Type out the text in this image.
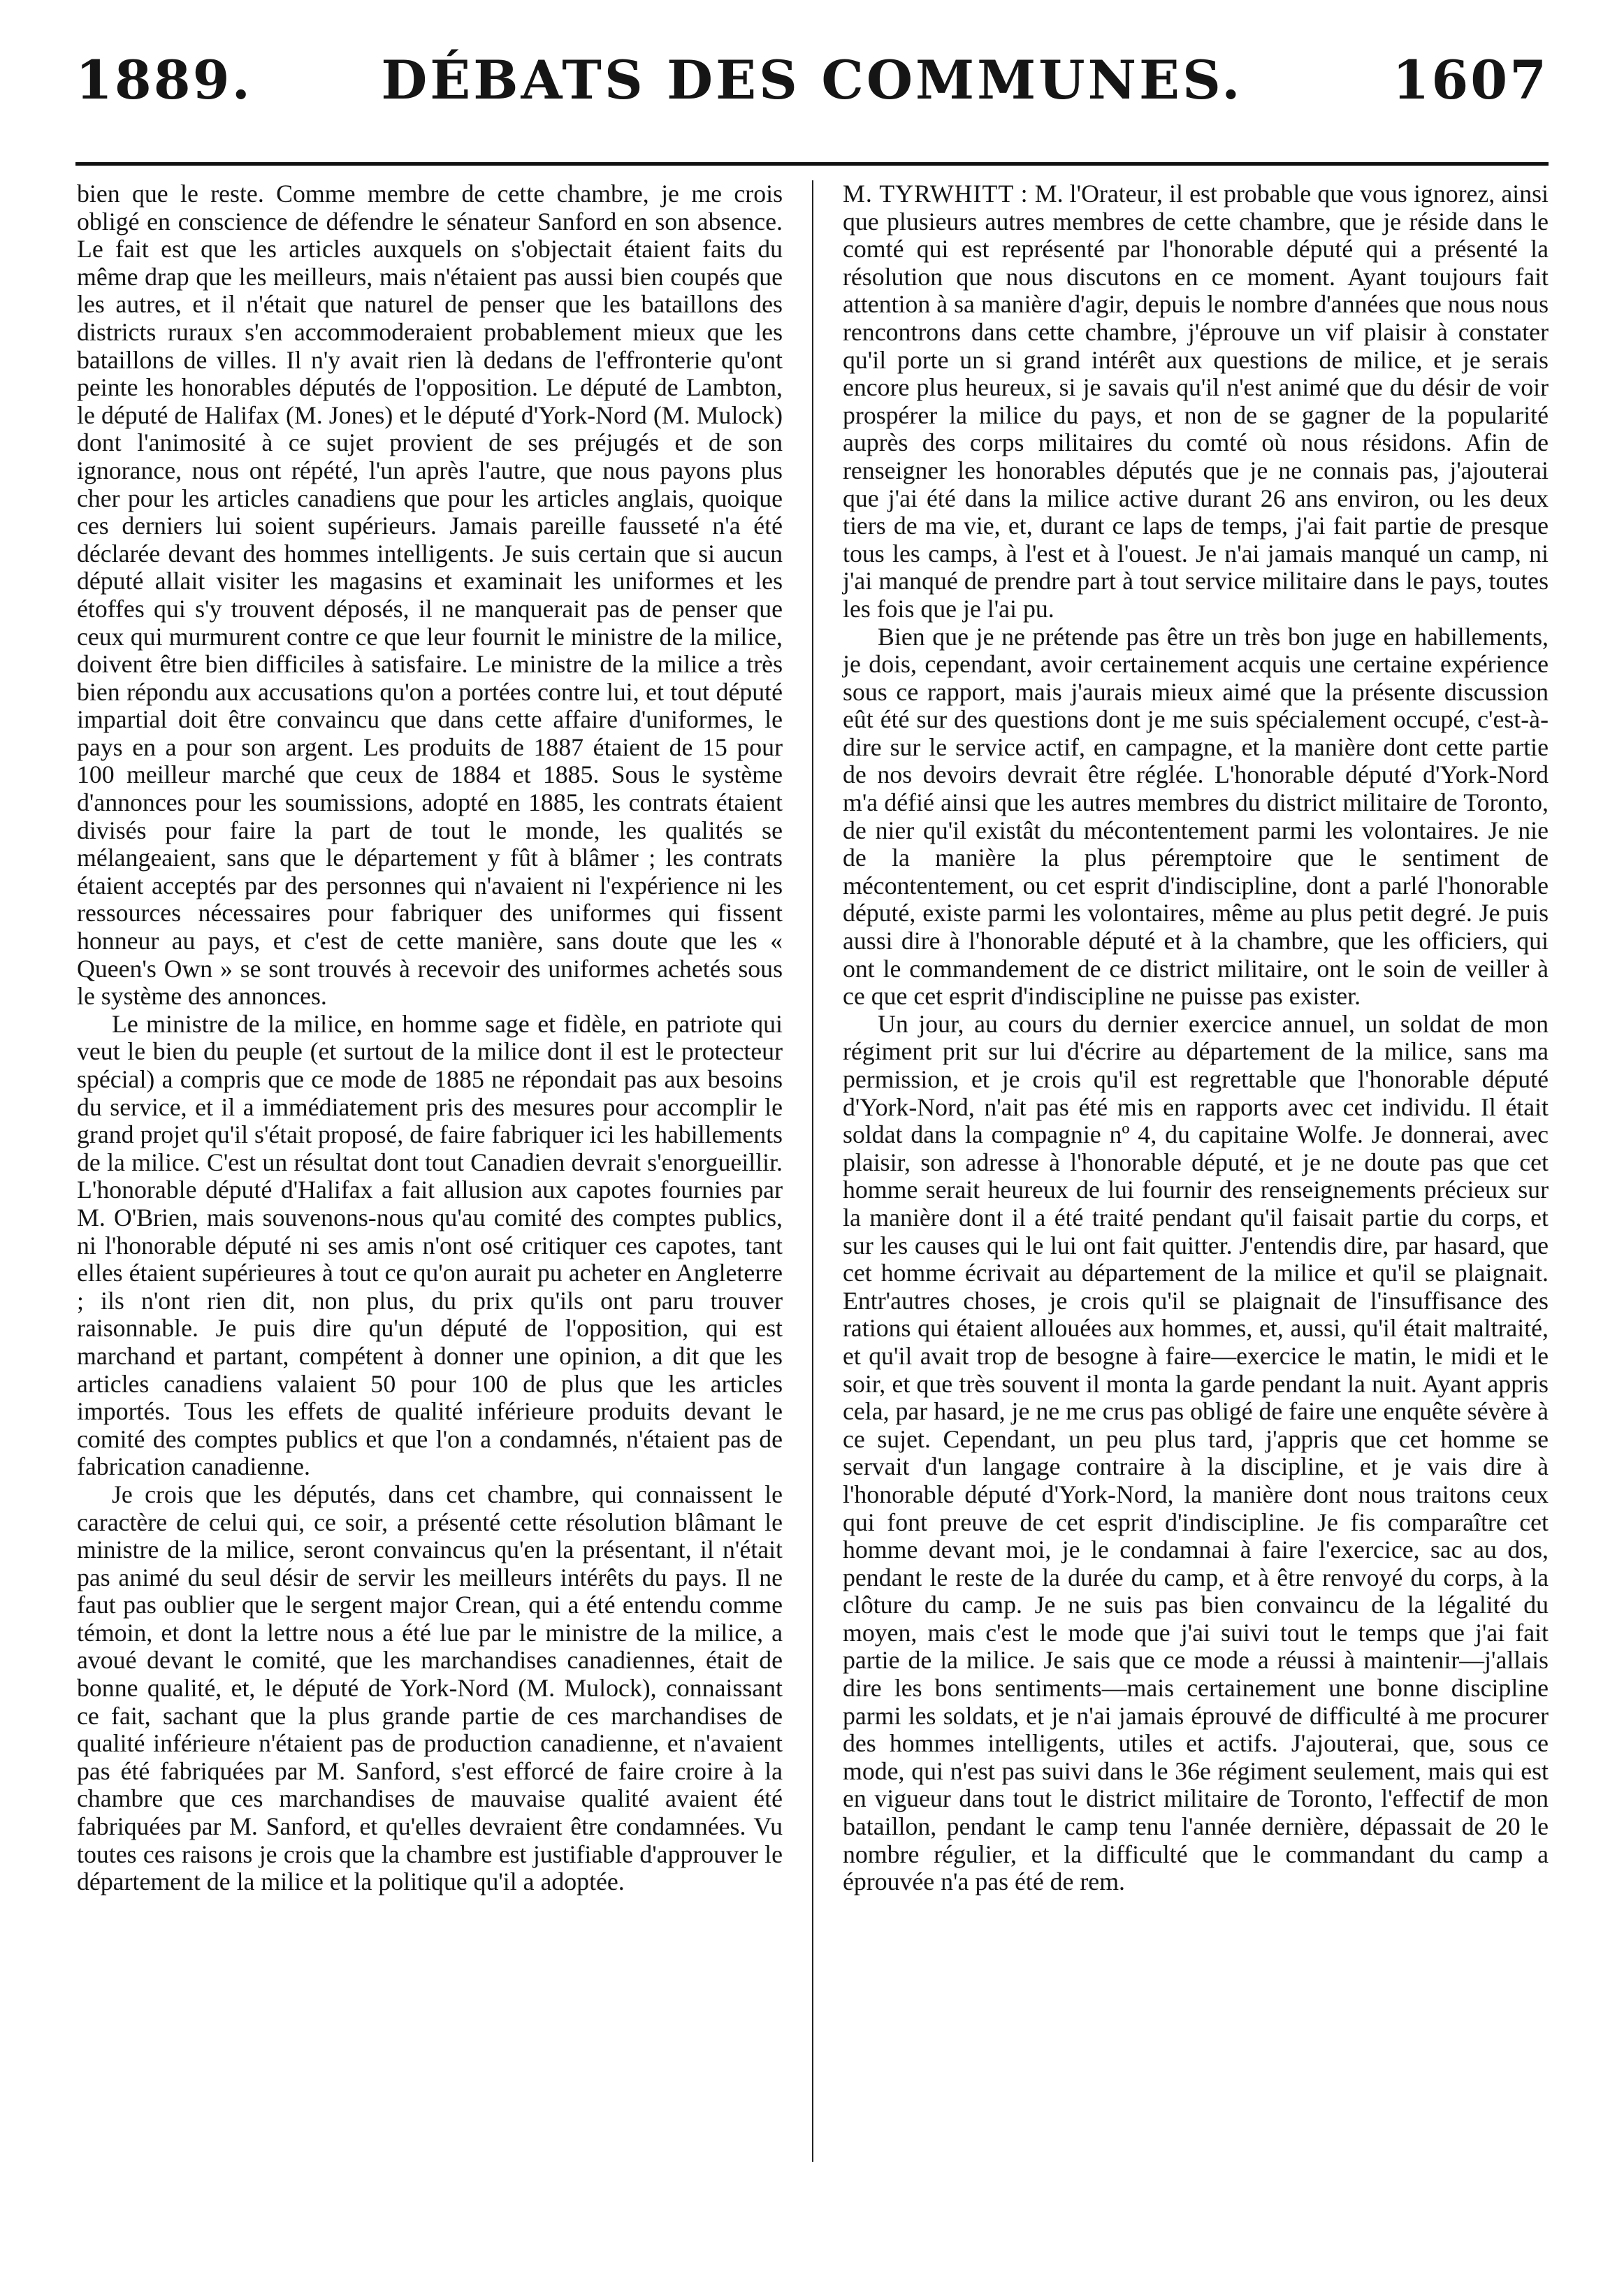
1889.	DÉBATS DES COMMUNES.	1607

bien que le reste. Comme membre de cette chambre, je me crois obligé en conscience de défendre le sénateur Sanford en son absence. Le fait est que les articles auxquels on s'objectait étaient faits du même drap que les meilleurs, mais n'étaient pas aussi bien coupés que les autres, et il n'était que naturel de penser que les bataillons des districts ruraux s'en accommoderaient probablement mieux que les bataillons de villes. Il n'y avait rien là dedans de l'effronterie qu'ont peinte les honorables députés de l'opposition. Le député de Lambton, le député de Halifax (M. Jones) et le député d'York-Nord (M. Mulock) dont l'animosité à ce sujet provient de ses préjugés et de son ignorance, nous ont répété, l'un après l'autre, que nous payons plus cher pour les articles canadiens que pour les articles anglais, quoique ces derniers lui soient supérieurs. Jamais pareille fausseté n'a été déclarée devant des hommes intelligents. Je suis certain que si aucun député allait visiter les magasins et examinait les uniformes et les étoffes qui s'y trouvent déposés, il ne manquerait pas de penser que ceux qui murmurent contre ce que leur fournit le ministre de la milice, doivent être bien difficiles à satisfaire. Le ministre de la milice a très bien répondu aux accusations qu'on a portées contre lui, et tout député impartial doit être convaincu que dans cette affaire d'uniformes, le pays en a pour son argent. Les produits de 1887 étaient de 15 pour 100 meilleur marché que ceux de 1884 et 1885. Sous le système d'annonces pour les soumissions, adopté en 1885, les contrats étaient divisés pour faire la part de tout le monde, les qualités se mélangeaient, sans que le département y fût à blâmer ; les contrats étaient acceptés par des personnes qui n'avaient ni l'expérience ni les ressources nécessaires pour fabriquer des uniformes qui fissent honneur au pays, et c'est de cette manière, sans doute que les « Queen's Own » se sont trouvés à recevoir des uniformes achetés sous le système des annonces.

Le ministre de la milice, en homme sage et fidèle, en patriote qui veut le bien du peuple (et surtout de la milice dont il est le protecteur spécial) a compris que ce mode de 1885 ne répondait pas aux besoins du service, et il a immédiatement pris des mesures pour accomplir le grand projet qu'il s'était proposé, de faire fabriquer ici les habillements de la milice. C'est un résultat dont tout Canadien devrait s'enorgueillir. L'honorable député d'Halifax a fait allusion aux capotes fournies par M. O'Brien, mais souvenons-nous qu'au comité des comptes publics, ni l'honorable député ni ses amis n'ont osé critiquer ces capotes, tant elles étaient supérieures à tout ce qu'on aurait pu acheter en Angleterre ; ils n'ont rien dit, non plus, du prix qu'ils ont paru trouver raisonnable. Je puis dire qu'un député de l'opposition, qui est marchand et partant, compétent à donner une opinion, a dit que les articles canadiens valaient 50 pour 100 de plus que les articles importés. Tous les effets de qualité inférieure produits devant le comité des comptes publics et que l'on a condamnés, n'étaient pas de fabrication canadienne.

Je crois que les députés, dans cet chambre, qui connaissent le caractère de celui qui, ce soir, a présenté cette résolution blâmant le ministre de la milice, seront convaincus qu'en la présentant, il n'était pas animé du seul désir de servir les meilleurs intérêts du pays. Il ne faut pas oublier que le sergent major Crean, qui a été entendu comme témoin, et dont la lettre nous a été lue par le ministre de la milice, a avoué devant le comité, que les marchandises canadiennes, était de bonne qualité, et, le député de York-Nord (M. Mulock), connaissant ce fait, sachant que la plus grande partie de ces marchandises de qualité inférieure n'étaient pas de production canadienne, et n'avaient pas été fabriquées par M. Sanford, s'est efforcé de faire croire à la chambre que ces marchandises de mauvaise qualité avaient été fabriquées par M. Sanford, et qu'elles devraient être condamnées. Vu toutes ces raisons je crois que la chambre est justifiable d'approuver le département de la milice et la politique qu'il a adoptée.

M. TYRWHITT : M. l'Orateur, il est probable que vous ignorez, ainsi que plusieurs autres membres de cette chambre, que je réside dans le comté qui est représenté par l'honorable député qui a présenté la résolution que nous discutons en ce moment. Ayant toujours fait attention à sa manière d'agir, depuis le nombre d'années que nous nous rencontrons dans cette chambre, j'éprouve un vif plaisir à constater qu'il porte un si grand intérêt aux questions de milice, et je serais encore plus heureux, si je savais qu'il n'est animé que du désir de voir prospérer la milice du pays, et non de se gagner de la popularité auprès des corps militaires du comté où nous résidons. Afin de renseigner les honorables députés que je ne connais pas, j'ajouterai que j'ai été dans la milice active durant 26 ans environ, ou les deux tiers de ma vie, et, durant ce laps de temps, j'ai fait partie de presque tous les camps, à l'est et à l'ouest. Je n'ai jamais manqué un camp, ni j'ai manqué de prendre part à tout service militaire dans le pays, toutes les fois que je l'ai pu.

Bien que je ne prétende pas être un très bon juge en habillements, je dois, cependant, avoir certainement acquis une certaine expérience sous ce rapport, mais j'aurais mieux aimé que la présente discussion eût été sur des questions dont je me suis spécialement occupé, c'est-à-dire sur le service actif, en campagne, et la manière dont cette partie de nos devoirs devrait être réglée. L'honorable député d'York-Nord m'a défié ainsi que les autres membres du district militaire de Toronto, de nier qu'il existât du mécontentement parmi les volontaires. Je nie de la manière la plus péremptoire que le sentiment de mécontentement, ou cet esprit d'indiscipline, dont a parlé l'honorable député, existe parmi les volontaires, même au plus petit degré. Je puis aussi dire à l'honorable député et à la chambre, que les officiers, qui ont le commandement de ce district militaire, ont le soin de veiller à ce que cet esprit d'indiscipline ne puisse pas exister.

Un jour, au cours du dernier exercice annuel, un soldat de mon régiment prit sur lui d'écrire au département de la milice, sans ma permission, et je crois qu'il est regrettable que l'honorable député d'York-Nord, n'ait pas été mis en rapports avec cet individu. Il était soldat dans la compagnie nº 4, du capitaine Wolfe. Je donnerai, avec plaisir, son adresse à l'honorable député, et je ne doute pas que cet homme serait heureux de lui fournir des renseignements précieux sur la manière dont il a été traité pendant qu'il faisait partie du corps, et sur les causes qui le lui ont fait quitter. J'entendis dire, par hasard, que cet homme écrivait au département de la milice et qu'il se plaignait. Entr'autres choses, je crois qu'il se plaignait de l'insuffisance des rations qui étaient allouées aux hommes, et, aussi, qu'il était maltraité, et qu'il avait trop de besogne à faire—exercice le matin, le midi et le soir, et que très souvent il monta la garde pendant la nuit. Ayant appris cela, par hasard, je ne me crus pas obligé de faire une enquête sévère à ce sujet. Cependant, un peu plus tard, j'appris que cet homme se servait d'un langage contraire à la discipline, et je vais dire à l'honorable député d'York-Nord, la manière dont nous traitons ceux qui font preuve de cet esprit d'indiscipline. Je fis comparaître cet homme devant moi, je le condamnai à faire l'exercice, sac au dos, pendant le reste de la durée du camp, et à être renvoyé du corps, à la clôture du camp. Je ne suis pas bien convaincu de la légalité du moyen, mais c'est le mode que j'ai suivi tout le temps que j'ai fait partie de la milice. Je sais que ce mode a réussi à maintenir—j'allais dire les bons sentiments—mais certainement une bonne discipline parmi les soldats, et je n'ai jamais éprouvé de difficulté à me procurer des hommes intelligents, utiles et actifs. J'ajouterai, que, sous ce mode, qui n'est pas suivi dans le 36e régiment seulement, mais qui est en vigueur dans tout le district militaire de Toronto, l'effectif de mon bataillon, pendant le camp tenu l'année dernière, dépassait de 20 le nombre régulier, et la difficulté que le commandant du camp a éprouvée n'a pas été de rem.
